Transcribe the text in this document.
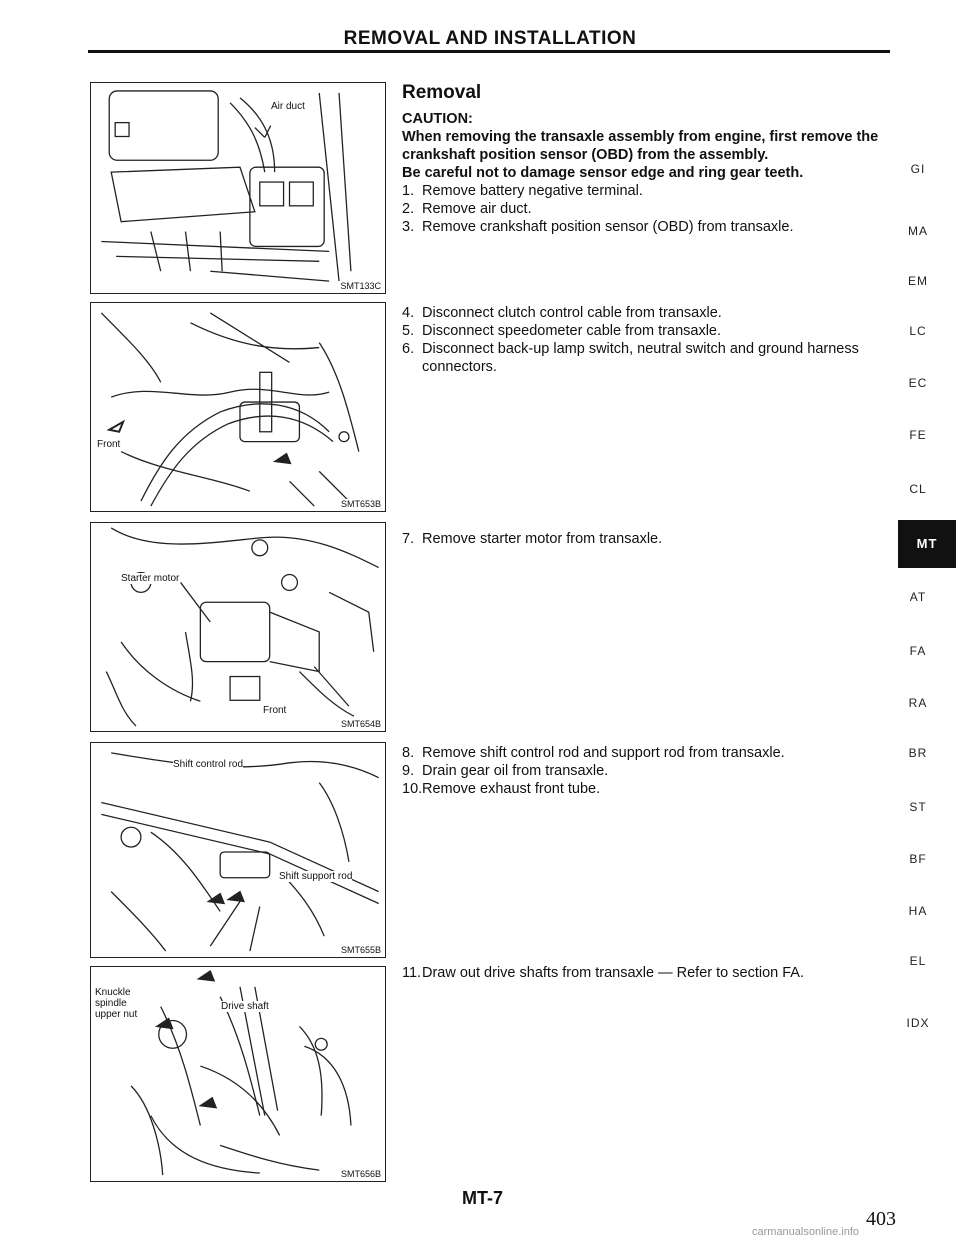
REMOVAL AND INSTALLATION
Air duct
SMT133C
Front
SMT653B
Starter motor
Front
SMT654B
Shift control rod
Shift support rod
SMT655B
Knuckle spindle upper nut
Drive shaft
SMT656B
Removal
CAUTION:
When removing the transaxle assembly from engine, first remove the crankshaft position sensor (OBD) from the assembly.
Be careful not to damage sensor edge and ring gear teeth.
1. Remove battery negative terminal.
2. Remove air duct.
3. Remove crankshaft position sensor (OBD) from transaxle.
4. Disconnect clutch control cable from transaxle.
5. Disconnect speedometer cable from transaxle.
6. Disconnect back-up lamp switch, neutral switch and ground harness connectors.
7. Remove starter motor from transaxle.
8. Remove shift control rod and support rod from transaxle.
9. Drain gear oil from transaxle.
10. Remove exhaust front tube.
11. Draw out drive shafts from transaxle — Refer to section FA.
GI
MA
EM
LC
EC
FE
CL
MT
AT
FA
RA
BR
ST
BF
HA
EL
IDX
MT-7
403
carmanualsonline.info
